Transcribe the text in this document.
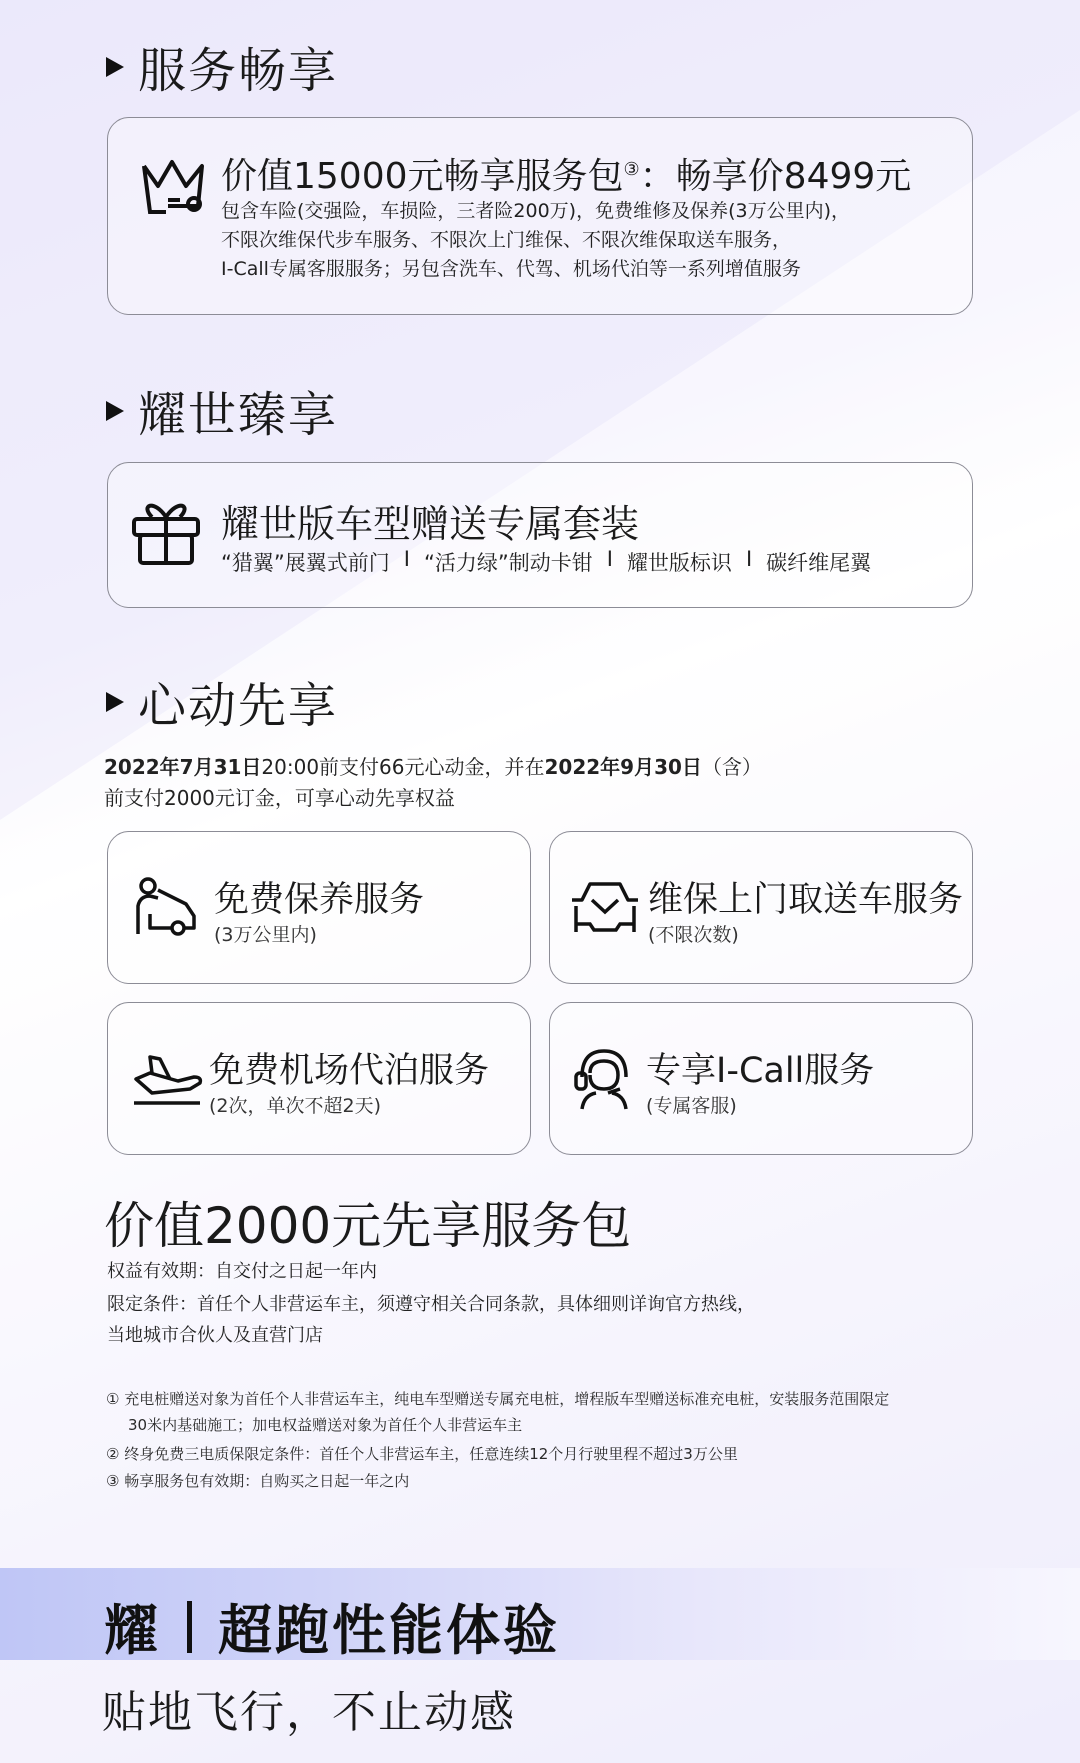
服务畅享
价值15000元畅享服务包③：畅享价8499元
包含车险(交强险，车损险，三者险200万)，免费维修及保养(3万公里内)，
不限次维保代步车服务、不限次上门维保、不限次维保取送车服务，
I-Call专属客服服务；另包含洗车、代驾、机场代泊等一系列增值服务
耀世臻享
耀世版车型赠送专属套装
“猎翼”展翼式前门 I “活力绿”制动卡钳 I 耀世版标识 I 碳纤维尾翼
心动先享
2022年7月31日20:00前支付66元心动金，并在2022年9月30日（含）
前支付2000元订金，可享心动先享权益
免费保养服务
(3万公里内)
维保上门取送车服务
(不限次数)
免费机场代泊服务
(2次，单次不超2天)
专享I-Call服务
(专属客服)
价值2000元先享服务包
权益有效期：自交付之日起一年内
限定条件：首任个人非营运车主，须遵守相关合同条款，具体细则详询官方热线，
当地城市合伙人及直营门店
① 充电桩赠送对象为首任个人非营运车主，纯电车型赠送专属充电桩，增程版车型赠送标准充电桩，安装服务范围限定
30米内基础施工；加电权益赠送对象为首任个人非营运车主
② 终身免费三电质保限定条件：首任个人非营运车主，任意连续12个月行驶里程不超过3万公里
③ 畅享服务包有效期：自购买之日起一年之内
耀 超跑性能体验
贴地飞行，不止动感
